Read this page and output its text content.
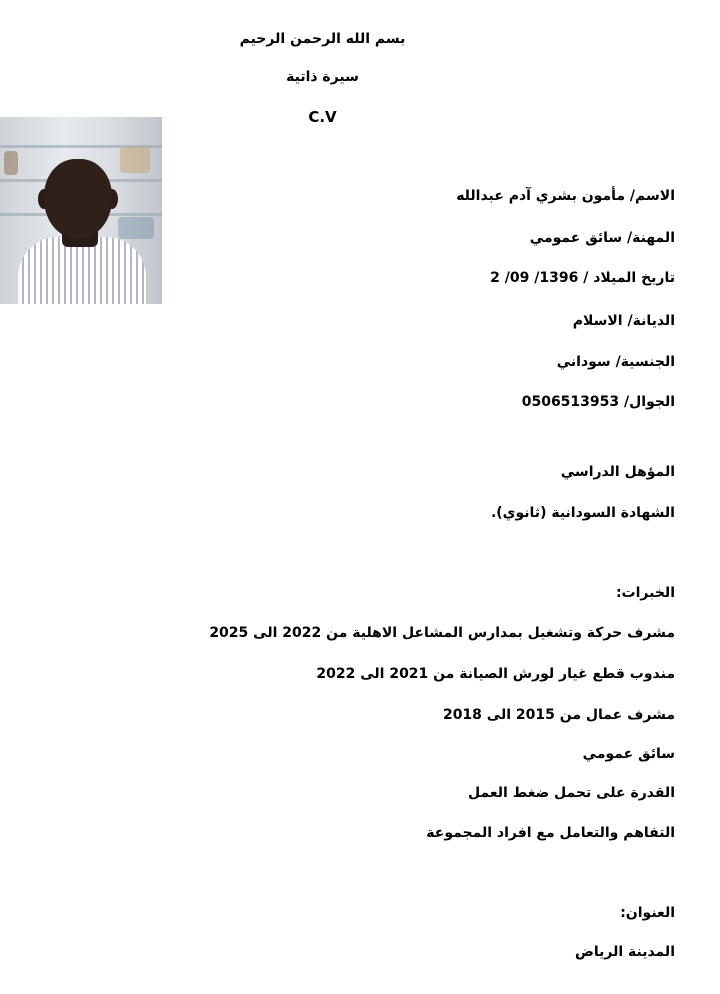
بسم الله الرحمن الرحيم
سيرة ذاتية
C.V
الاسم/ مأمون بشري آدم عبدالله
المهنة/ سائق عمومي
تاريخ الميلاد / 1396/ 09/ 2
الديانة/ الاسلام
الجنسية/ سوداني
الجوال/ 0506513953
المؤهل الدراسي
الشهادة السودانية (ثانوي).
الخبرات:
مشرف حركة وتشغيل بمدارس المشاعل الاهلية من 2022 الى 2025
مندوب قطع غيار لورش الصيانة من 2021 الى 2022
مشرف عمال من 2015 الى 2018
سائق عمومي
القدرة على تحمل ضغط العمل
التفاهم والتعامل مع افراد المجموعة
العنوان:
المدينة الرياض
